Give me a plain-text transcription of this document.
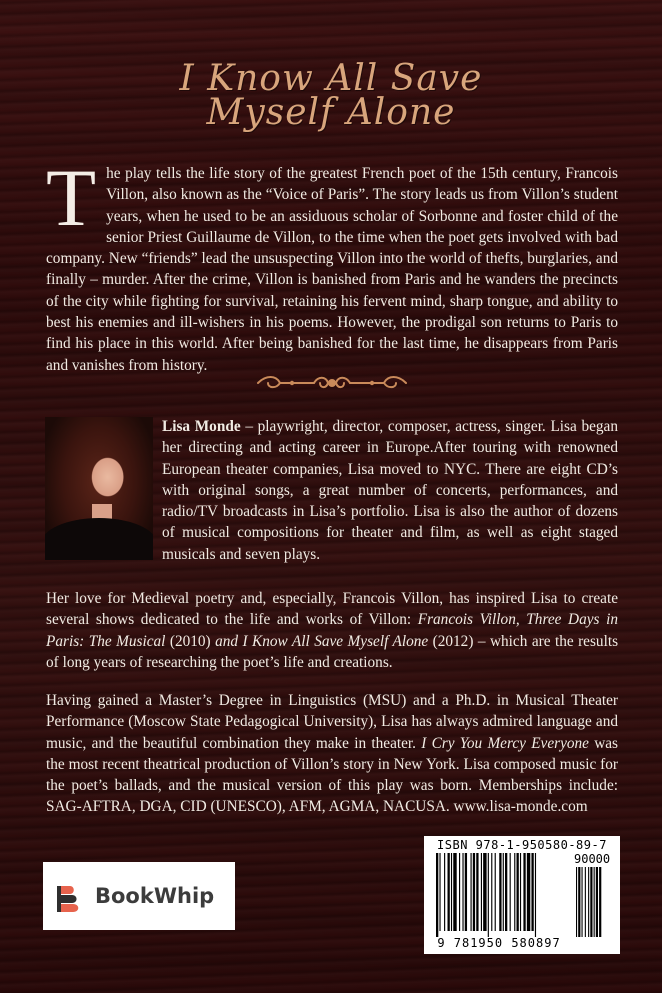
I Know All Save
Myself Alone
The play tells the life story of the greatest French poet of the 15th century, Francois Villon, also known as the “Voice of Paris”. The story leads us from Villon’s student years, when he used to be an assiduous scholar of Sorbonne and foster child of the senior Priest Guillaume de Villon, to the time when the poet gets involved with bad company. New “friends” lead the unsuspecting Villon into the world of thefts, burglaries, and finally – murder. After the crime, Villon is banished from Paris and he wanders the precincts of the city while fighting for survival, retaining his fervent mind, sharp tongue, and ability to best his enemies and ill-wishers in his poems. However, the prodigal son returns to Paris to find his place in this world. After being banished for the last time, he disappears from Paris and vanishes from history.
Lisa Monde – playwright, director, composer, actress, singer. Lisa began her directing and acting career in Europe.After touring with renowned European theater companies, Lisa moved to NYC. There are eight CD’s with original songs, a great number of concerts, performances, and radio/TV broadcasts in Lisa’s portfolio. Lisa is also the author of dozens of musical compositions for theater and film, as well as eight staged musicals and seven plays.
Her love for Medieval poetry and, especially, Francois Villon, has inspired Lisa to create several shows dedicated to the life and works of Villon: Francois Villon, Three Days in Paris: The Musical (2010) and I Know All Save Myself Alone (2012) – which are the results of long years of researching the poet’s life and creations.
Having gained a Master’s Degree in Linguistics (MSU) and a Ph.D. in Musical Theater Performance (Moscow State Pedagogical University), Lisa has always admired language and music, and the beautiful combination they make in theater. I Cry You Mercy Everyone was the most recent theatrical production of Villon’s story in New York. Lisa composed music for the poet’s ballads, and the musical version of this play was born. Memberships include: SAG-AFTRA, DGA, CID (UNESCO), AFM, AGMA, NACUSA. www.lisa-monde.com
BookWhip
ISBN 978-1-950580-89-7
90000
9 781950 580897
